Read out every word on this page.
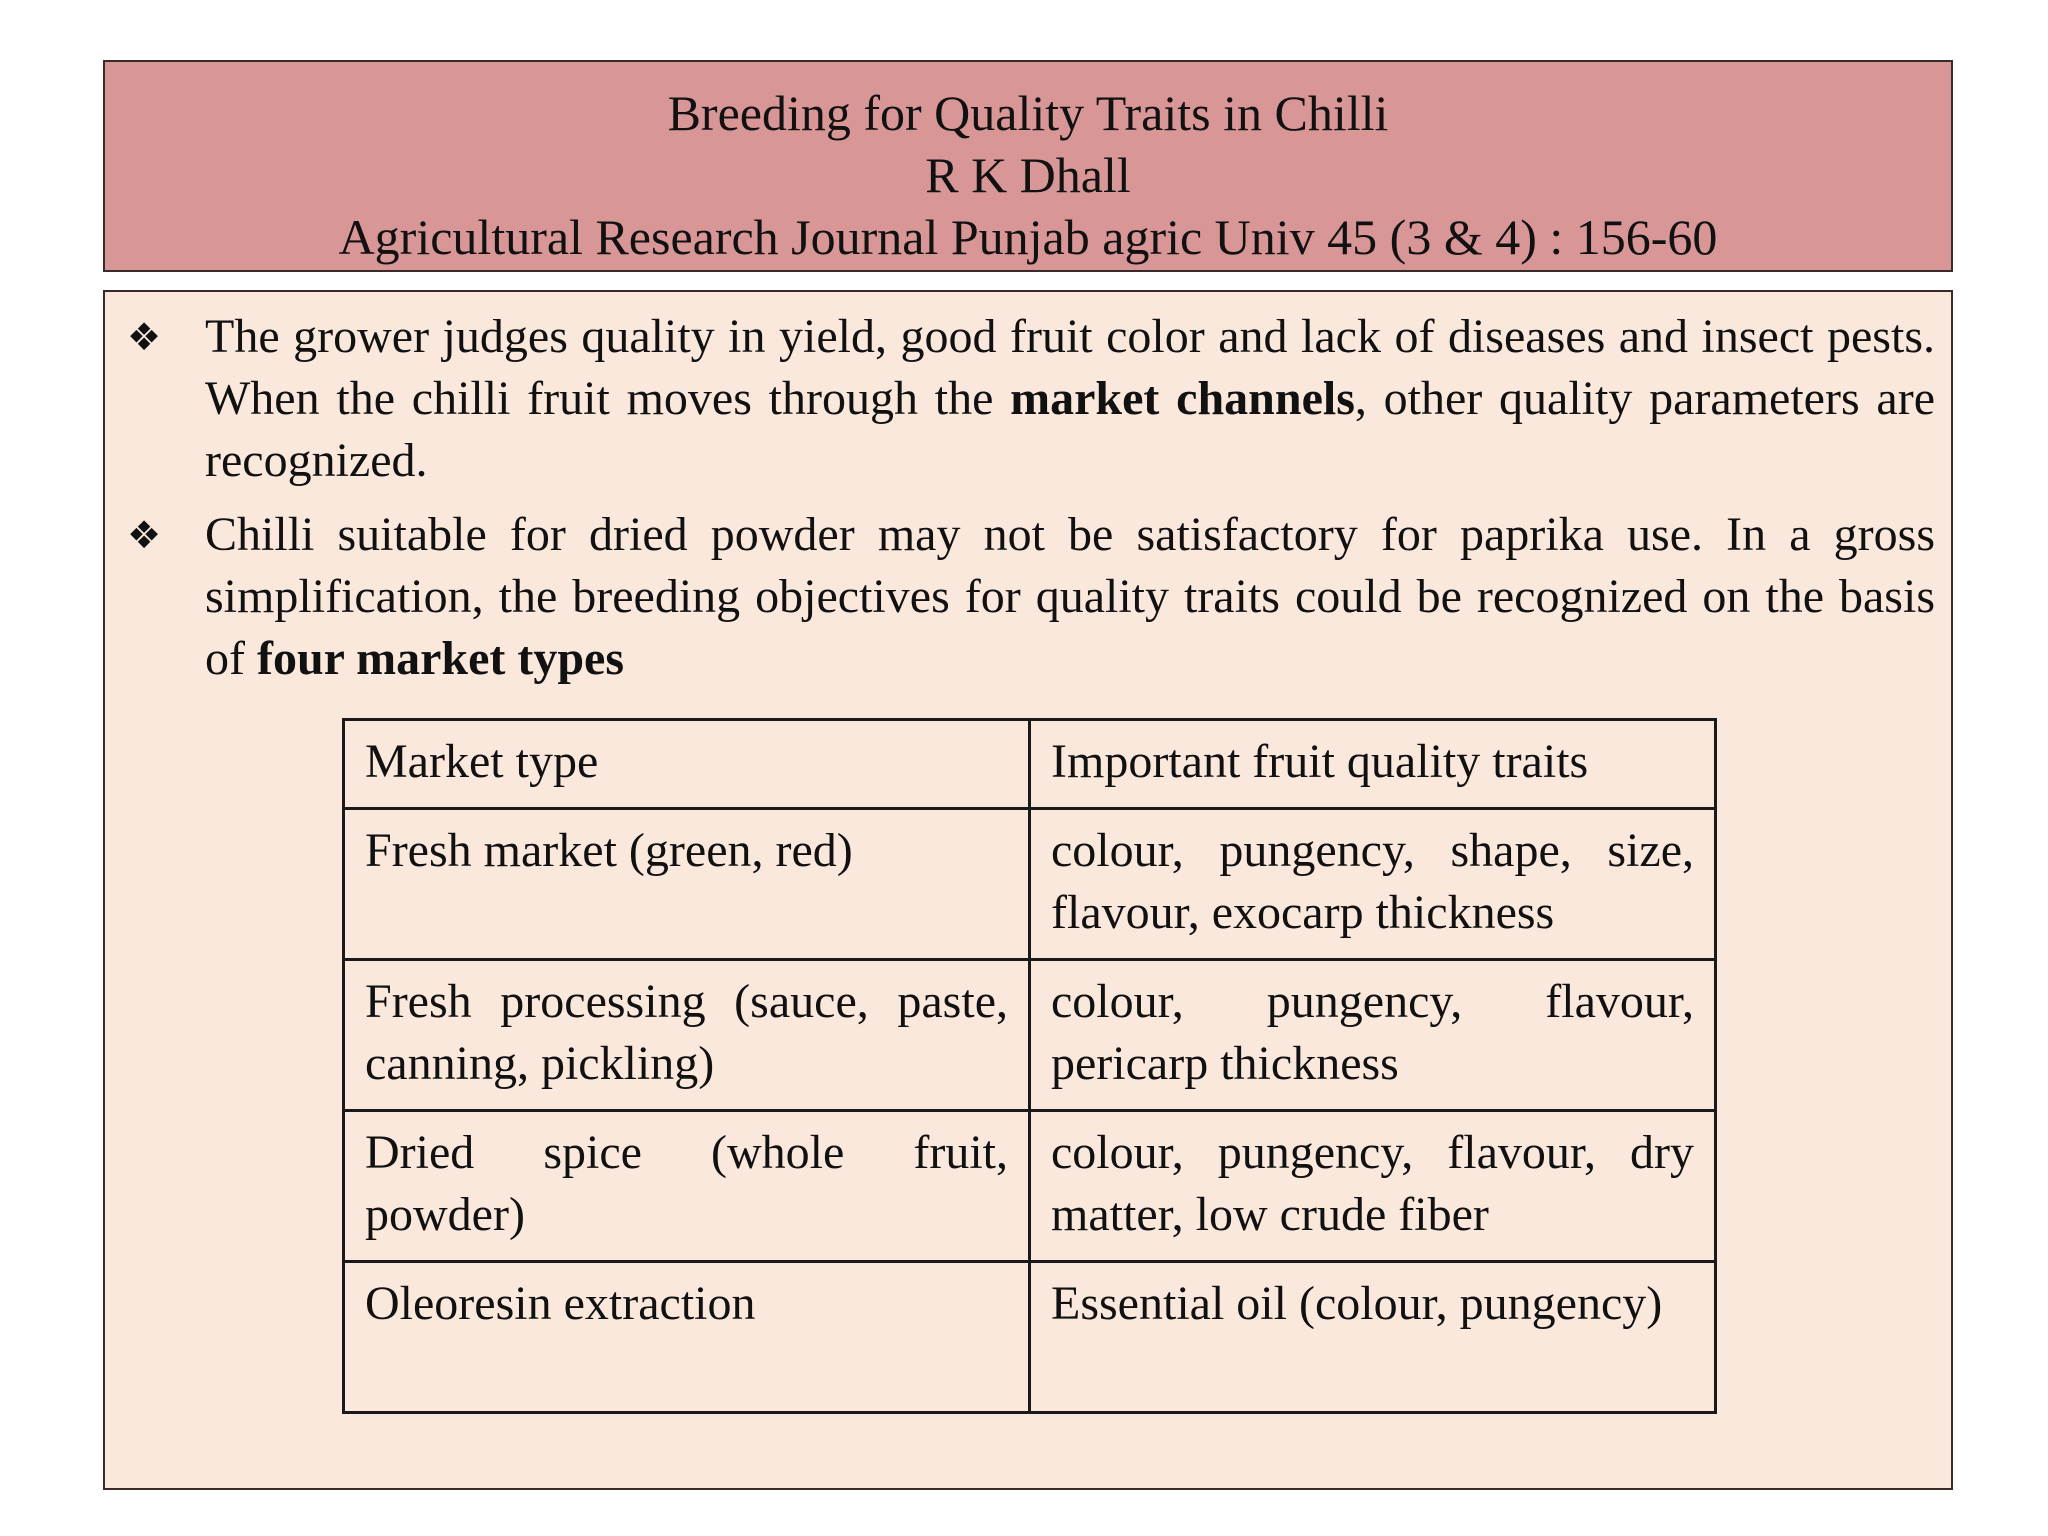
Breeding for Quality Traits in Chilli
R K Dhall
Agricultural Research Journal Punjab agric Univ 45 (3 & 4) : 156-60
❖ The grower judges quality in yield, good fruit color and lack of diseases and insect pests. When the chilli fruit moves through the market channels, other quality parameters are recognized.
❖ Chilli suitable for dried powder may not be satisfactory for paprika use. In a gross simplification, the breeding objectives for quality traits could be recognized on the basis of four market types
Market type	Important fruit quality traits
Fresh market (green, red)	colour, pungency, shape, size, flavour, exocarp thickness
Fresh processing (sauce, paste, canning, pickling)	colour, pungency, flavour, pericarp thickness
Dried spice (whole fruit, powder)	colour, pungency, flavour, dry matter, low crude fiber
Oleoresin extraction	Essential oil (colour, pungency)
